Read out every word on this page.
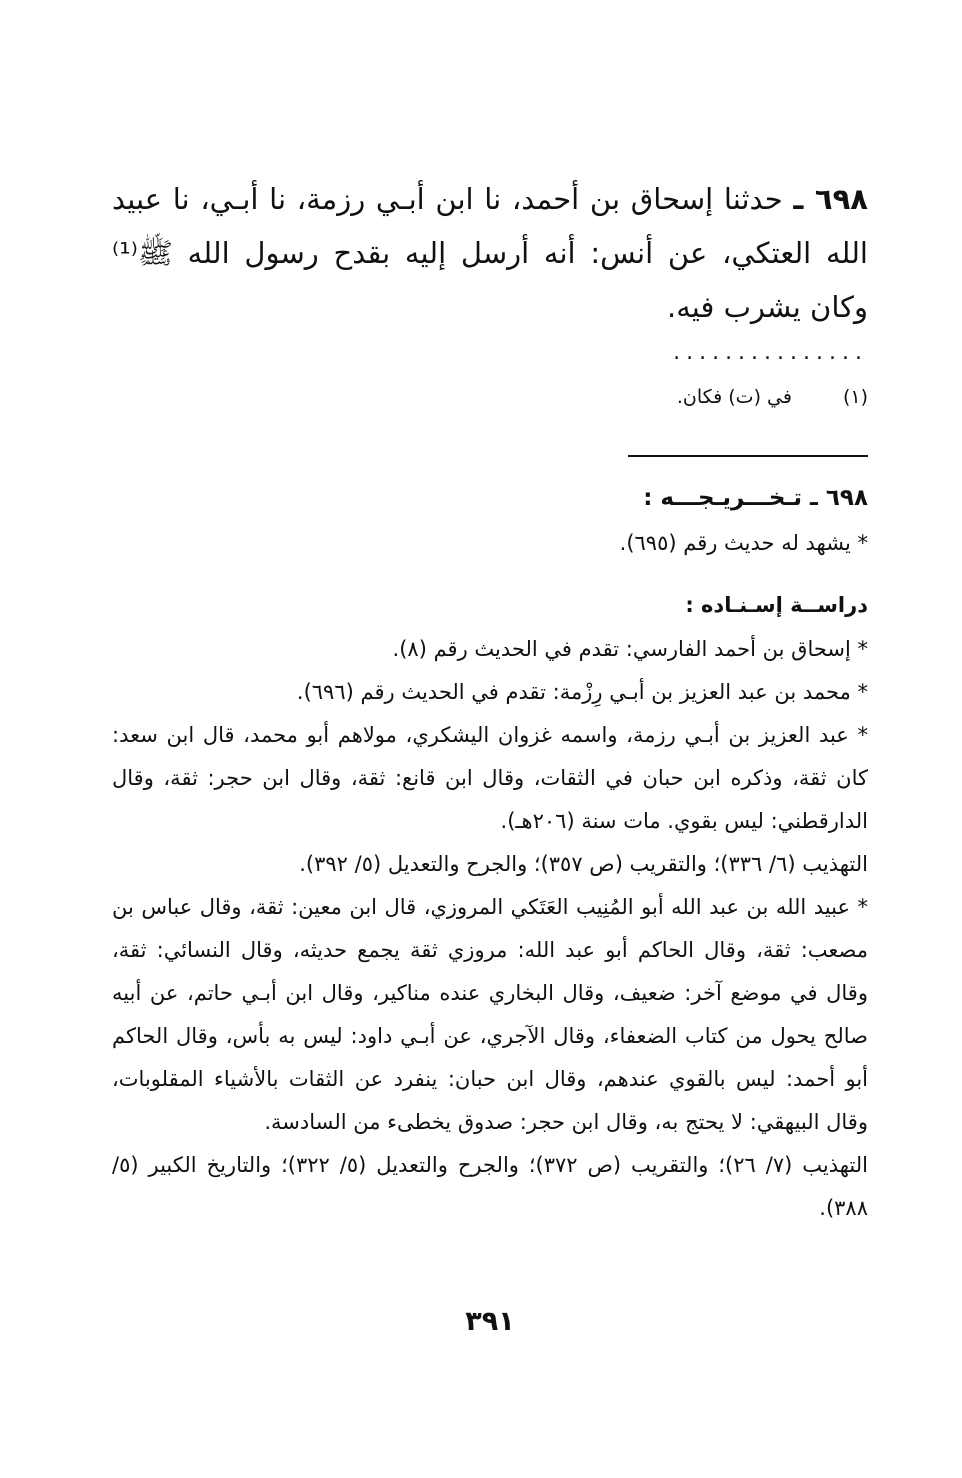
٦٩٨ ـ حدثنا إسحاق بن أحمد، نا ابن أبـي رزمة، نا أبـي، نا عبيد الله العتكي، عن أنس: أنه أرسل إليه بقدح رسول الله ﷺ⁽¹⁾ وكان يشرب فيه.
...............
(١) في (ت) فكان.
٦٩٨ ـ تـخـــريـجـــه :

* يشهد له حديث رقم (٦٩٥).

دراســة إسـنـاده :

* إسحاق بن أحمد الفارسي: تقدم في الحديث رقم (٨).

* محمد بن عبد العزيز بن أبـي رِزْمة: تقدم في الحديث رقم (٦٩٦).

* عبد العزيز بن أبـي رزمة، واسمه غزوان اليشكري، مولاهم أبو محمد، قال ابن سعد: كان ثقة، وذكره ابن حبان في الثقات، وقال ابن قانع: ثقة، وقال ابن حجر: ثقة، وقال الدارقطني: ليس بقوي. مات سنة (٢٠٦هـ).

التهذيب (٦/ ٣٣٦)؛ والتقريب (ص ٣٥٧)؛ والجرح والتعديل (٥/ ٣٩٢).

* عبيد الله بن عبد الله أبو المُنِيب العَتَكي المروزي، قال ابن معين: ثقة، وقال عباس بن مصعب: ثقة، وقال الحاكم أبو عبد الله: مروزي ثقة يجمع حديثه، وقال النسائي: ثقة، وقال في موضع آخر: ضعيف، وقال البخاري عنده مناكير، وقال ابن أبـي حاتم، عن أبيه صالح يحول من كتاب الضعفاء، وقال الآجري، عن أبـي داود: ليس به بأس، وقال الحاكم أبو أحمد: ليس بالقوي عندهم، وقال ابن حبان: ينفرد عن الثقات بالأشياء المقلوبات، وقال البيهقي: لا يحتج به، وقال ابن حجر: صدوق يخطىء من السادسة.

التهذيب (٧/ ٢٦)؛ والتقريب (ص ٣٧٢)؛ والجرح والتعديل (٥/ ٣٢٢)؛ والتاريخ الكبير (٥/ ٣٨٨).

٣٩١
